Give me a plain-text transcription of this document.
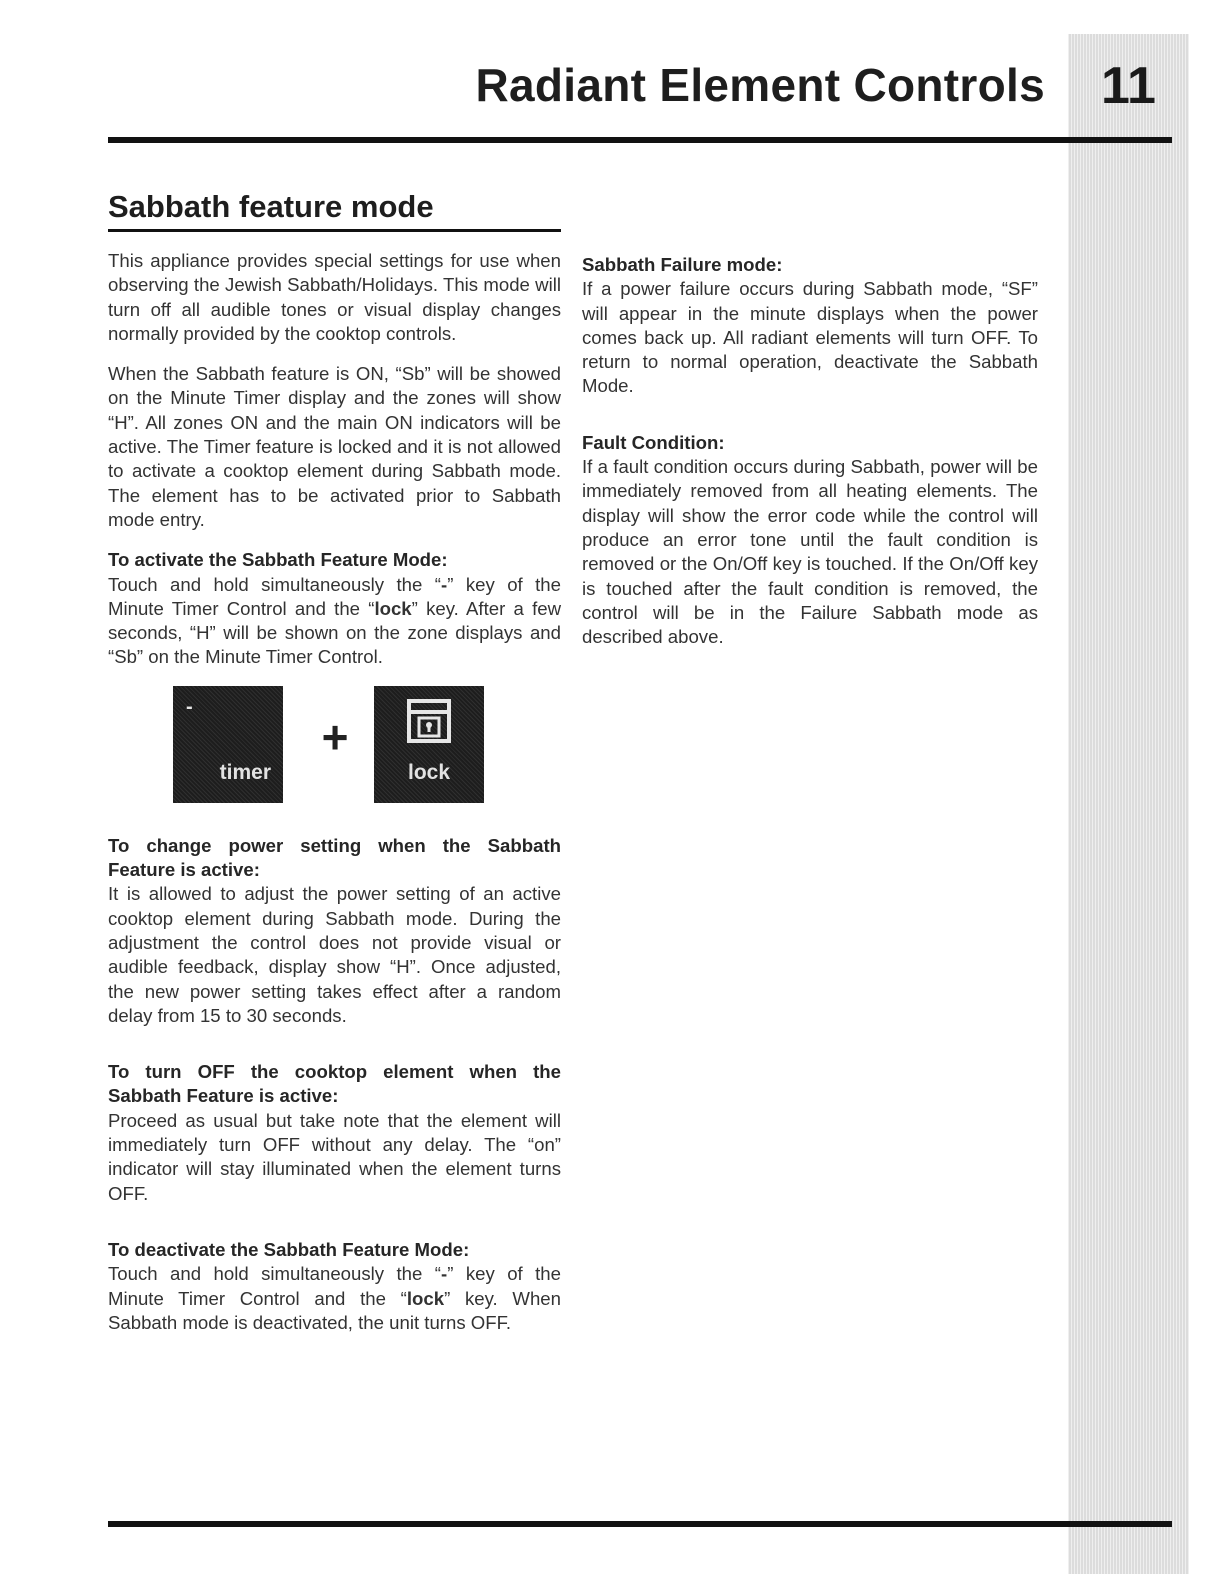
11
Radiant Element Controls
Sabbath feature mode

This appliance provides special settings for use when observing the Jewish Sabbath/Holidays. This mode will turn off all audible tones or visual display changes normally provided by the cooktop controls.

When the Sabbath feature is ON, “Sb” will be showed on the Minute Timer display and the zones will show “H”. All zones ON and the main ON indicators will be active. The Timer feature is locked and it is not allowed to activate a cooktop element during Sabbath mode. The element has to be activated prior to Sabbath mode entry.

To activate the Sabbath Feature Mode:

Touch and hold simultaneously the “-” key of the Minute Timer Control and the “lock” key. After a few seconds, “H” will be shown on the zone displays and “Sb” on the Minute Timer Control.

-
timer
+
lock
To change power setting when the Sabbath Feature is active:

It is allowed to adjust the power setting of an active cooktop element during Sabbath mode. During the adjustment the control does not provide visual or audible feedback, display show “H”. Once adjusted, the new power setting takes effect after a random delay from 15 to 30 seconds.

To turn OFF the cooktop element when the Sabbath Feature is active:

Proceed as usual but take note that the element will immediately turn OFF without any delay. The “on” indicator will stay illuminated when the element turns OFF.

To deactivate the Sabbath Feature Mode:

Touch and hold simultaneously the “-” key of the Minute Timer Control and the “lock” key. When Sabbath mode is deactivated, the unit turns OFF.

Sabbath Failure mode:

If a power failure occurs during Sabbath mode, “SF” will appear in the minute displays when the power comes back up. All radiant elements will turn OFF. To return to normal operation, deactivate the Sabbath Mode.

Fault Condition:

If a fault condition occurs during Sabbath, power will be immediately removed from all heating elements. The display will show the error code while the control will produce an error tone until the fault condition is removed or the On/Off key is touched. If the On/Off key is touched after the fault condition is removed, the control will be in the Failure Sabbath mode as described above.
